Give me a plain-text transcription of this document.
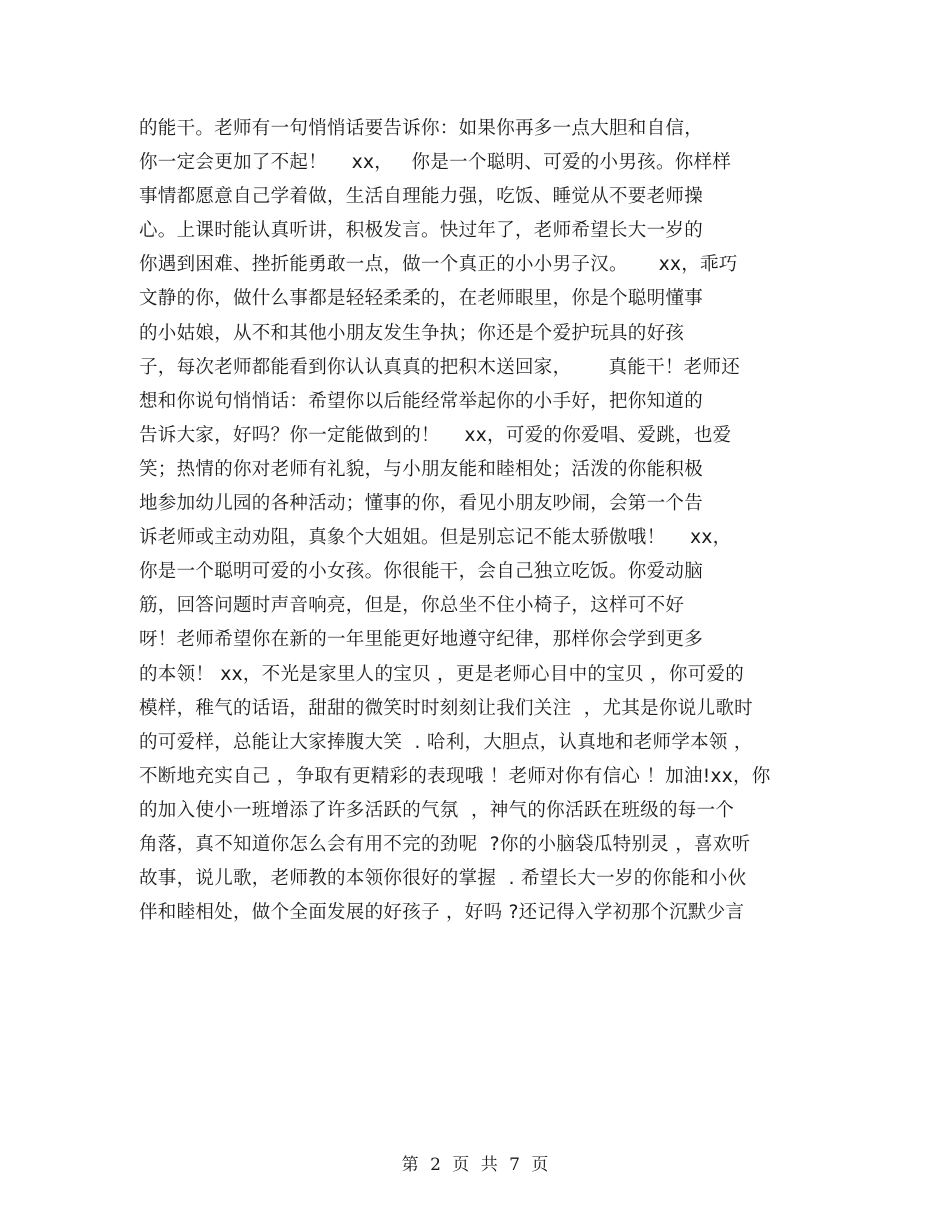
的能干。老师有一句悄悄话要告诉你：如果你再多一点大胆和自信，
你一定会更加了不起！    xx，   你是一个聪明、可爱的小男孩。你样样
事情都愿意自己学着做，生活自理能力强，吃饭、睡觉从不要老师操
心。上课时能认真听讲，积极发言。快过年了，老师希望长大一岁的
你遇到困难、挫折能勇敢一点，做一个真正的小小男子汉。     xx，乖巧
文静的你，做什么事都是轻轻柔柔的，在老师眼里，你是个聪明懂事
的小姑娘，从不和其他小朋友发生争执；你还是个爱护玩具的好孩
子，每次老师都能看到你认认真真的把积木送回家，      真能干！老师还
想和你说句悄悄话：希望你以后能经常举起你的小手好，把你知道的
告诉大家，好吗？你一定能做到的！    xx，可爱的你爱唱、爱跳，也爱
笑；热情的你对老师有礼貌，与小朋友能和睦相处；活泼的你能积极
地参加幼儿园的各种活动；懂事的你，看见小朋友吵闹，会第一个告
诉老师或主动劝阻，真象个大姐姐。但是别忘记不能太骄傲哦！    xx，
你是一个聪明可爱的小女孩。你很能干，会自己独立吃饭。你爱动脑
筋，回答问题时声音响亮，但是，你总坐不住小椅子，这样可不好
呀！老师希望你在新的一年里能更好地遵守纪律，那样你会学到更多
的本领！ xx，不光是家里人的宝贝 ，更是老师心目中的宝贝 ，你可爱的
模样，稚气的话语，甜甜的微笑时时刻刻让我们关注  ，尤其是你说儿歌时
的可爱样，总能让大家捧腹大笑  . 哈利，大胆点，认真地和老师学本领 ，
不断地充实自己 ，争取有更精彩的表现哦 ！老师对你有信心 ！加油!xx，你
的加入使小一班增添了许多活跃的气氛  ，神气的你活跃在班级的每一个
角落，真不知道你怎么会有用不完的劲呢  ?你的小脑袋瓜特别灵 ，喜欢听
故事，说儿歌，老师教的本领你很好的掌握  . 希望长大一岁的你能和小伙
伴和睦相处，做个全面发展的好孩子 ，好吗 ?还记得入学初那个沉默少言
第 2 页 共 7 页
